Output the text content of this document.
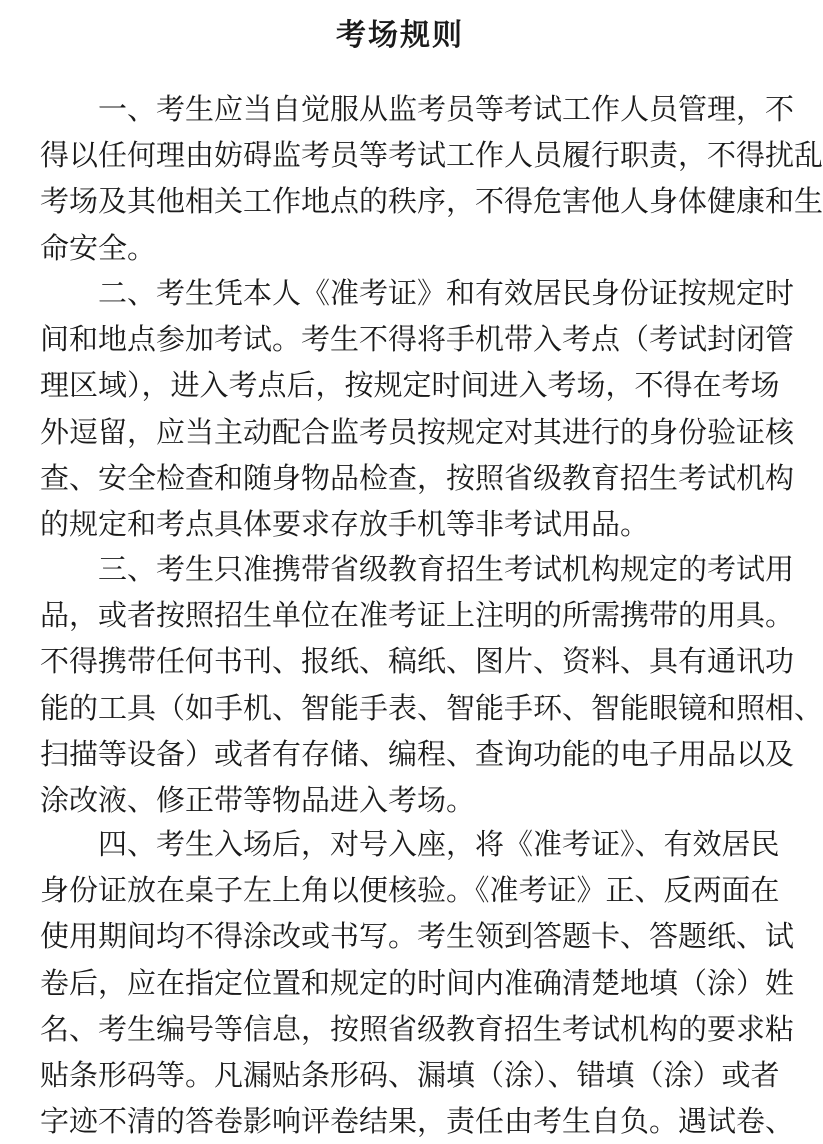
考场规则
　　一、考生应当自觉服从监考员等考试工作人员管理，不
得以任何理由妨碍监考员等考试工作人员履行职责，不得扰乱
考场及其他相关工作地点的秩序，不得危害他人身体健康和生
命安全。
　　二、考生凭本人《准考证》和有效居民身份证按规定时
间和地点参加考试。考生不得将手机带入考点（考试封闭管
理区域），进入考点后，按规定时间进入考场，不得在考场
外逗留，应当主动配合监考员按规定对其进行的身份验证核
查、安全检查和随身物品检查，按照省级教育招生考试机构
的规定和考点具体要求存放手机等非考试用品。
　　三、考生只准携带省级教育招生考试机构规定的考试用
品，或者按照招生单位在准考证上注明的所需携带的用具。
不得携带任何书刊、报纸、稿纸、图片、资料、具有通讯功
能的工具（如手机、智能手表、智能手环、智能眼镜和照相、
扫描等设备）或者有存储、编程、查询功能的电子用品以及
涂改液、修正带等物品进入考场。
　　四、考生入场后，对号入座，将《准考证》、有效居民
身份证放在桌子左上角以便核验。《准考证》正、反两面在
使用期间均不得涂改或书写。考生领到答题卡、答题纸、试
卷后，应在指定位置和规定的时间内准确清楚地填（涂）姓
名、考生编号等信息，按照省级教育招生考试机构的要求粘
贴条形码等。凡漏贴条形码、漏填（涂）、错填（涂）或者
字迹不清的答卷影响评卷结果，责任由考生自负。遇试卷、
